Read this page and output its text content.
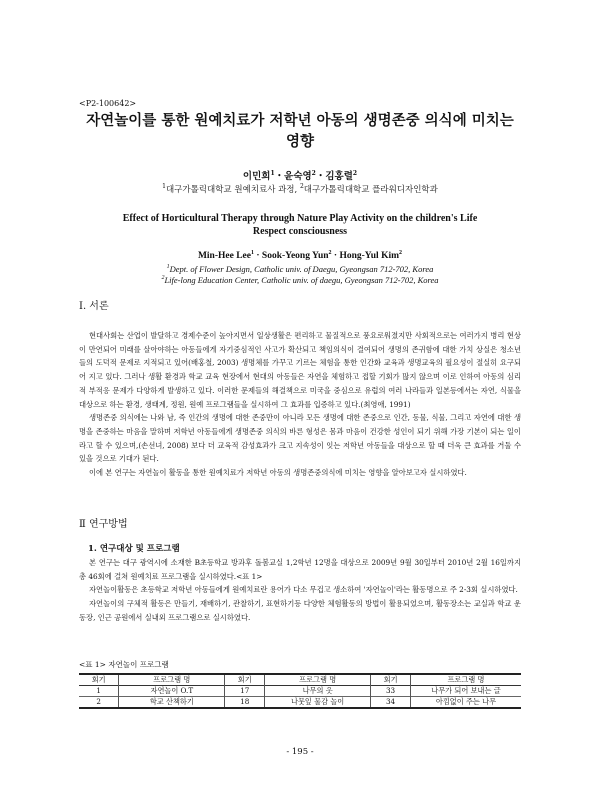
<P2-100642>
자연놀이를 통한 원예치료가 저학년 아동의 생명존중 의식에 미치는
영향
이민희$^1$・윤숙영$^2$・김홍렬$^2$
$^1$대구가톨릭대학교 원예치료사 과정, $^2$대구가톨릭대학교 플라워디자인학과
Effect of Horticultural Therapy through Nature Play Activity on the children's Life
Respect consciousness
Min-Hee Lee$^1$ · Sook-Yeong Yun$^2$ · Hong-Yul Kim$^2$
$^1$Dept. of Flower Design, Catholic univ. of Daegu, Gyeongsan 712-702, Korea
$^2$Life-long Education Center, Catholic univ. of daegu, Gyeongsan 712-702, Korea
Ⅰ. 서론

현대사회는 산업이 발달하고 경제수준이 높아지면서 일상생활은 편리하고 물질적으로 풍요로워졌지만 사회적으로는 여러가지 병리 현상이 만연되어 미래를 살아야하는 아동들에게 자기중심적인 사고가 확산되고 책임의식이 결여되어 생명의 존귀함에 대한 가치 상실은 청소년들의 도덕적 문제로 지적되고 있어(배홍철, 2003) 생명체를 가꾸고 기르는 체험을 통한 인간화 교육과 생명교육의 필요성이 절실히 요구되어 지고 있다. 그러나 생활 환경과 학교 교육 현장에서 현대의 아동들은 자연을 체험하고 접할 기회가 많지 않으며 이로 인하여 아동의 심리적 부적응 문제가 다양하게 발생하고 있다. 이러한 문제들의 해결책으로 미국을 중심으로 유럽의 여러 나라들과 일본등에서는 자연, 식물을 대상으로 하는 환경, 생태계, 정원, 원예 프로그램들을 실시하여 그 효과를 입증하고 있다.(최영애, 1991)

생명존중 의식에는 나와 남, 즉 인간의 생명에 대한 존중만이 아니라 모든 생명에 대한 존중으로 인간, 동물, 식물, 그리고 자연에 대한 생명을 존중하는 마음을 말하며 저학년 아동들에게 생명존중 의식의 바른 형성은 몸과 마음이 건강한 성인이 되기 위해 가장 기본이 되는 일이라고 할 수 있으며,(손선녀, 2008) 보다 더 교육적 감성효과가 크고 지속성이 잇는 저학년 아동들을 대상으로 할 때 더욱 큰 효과를 거둘 수 있을 것으로 기대가 된다.

이에 본 연구는 자연놀이 활동을 통한 원예치료가 저학년 아동의 생명존중의식에 미치는 영향을 알아보고자 실시하였다.

Ⅱ 연구방법
1. 연구대상 및 프로그램

본 연구는 대구 광역시에 소재한 B초등학교 방과후 돌봄교실 1,2학년 12명을 대상으로 2009년 9월 30일부터 2010년 2월 16일까지 총 46회에 걸쳐 원예치료 프로그램을 실시하였다.<표 1>

자연놀이활동은 초등학교 저학년 아동들에게 원예치료란 용어가 다소 무겁고 생소하여 '자연놀이'라는 활동명으로 주 2-3회 실시하였다.

자연놀이의 구체적 활동은 만들기, 재배하기, 관찰하기, 표현하기등 다양한 체험활동의 방법이 활용되었으며, 활동장소는 교실과 학교 운동장, 인근 공원에서 실내외 프로그램으로 실시하였다.

<표 1> 자연놀이 프로그램
회기	프로그램 명	회기	프로그램 명	회기	프로그램 명
1	자연놀이 O.T	17	나무의 옷	33	나무가 되어 보내는 글
2	학교 산책하기	18	나뭇잎 물감 놀이	34	아낌없이 주는 나무
- 195 -
